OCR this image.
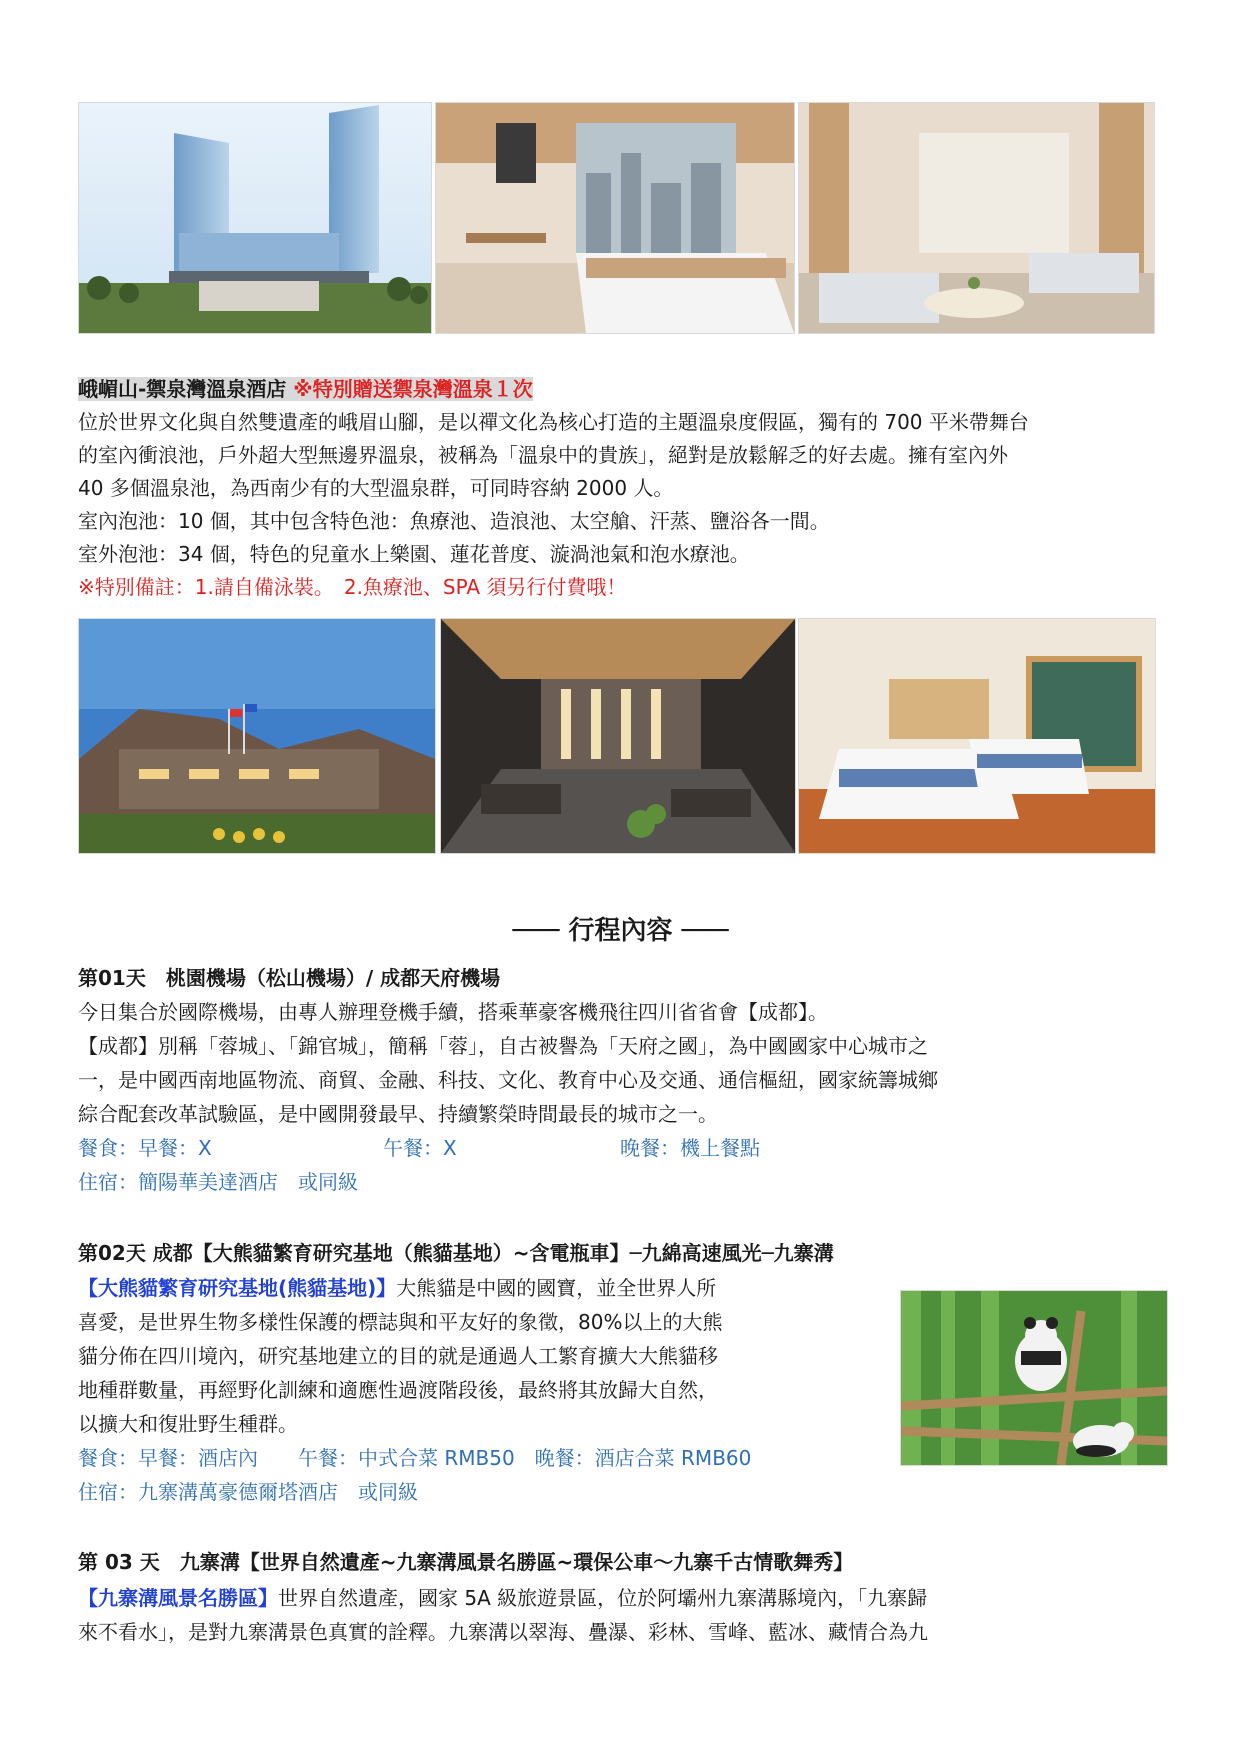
峨嵋山-禦泉灣溫泉酒店 ※特別贈送禦泉灣溫泉１次
位於世界文化與自然雙遺產的峨眉山腳，是以禪文化為核心打造的主題溫泉度假區，獨有的 700 平米帶舞台
的室內衝浪池，戶外超大型無邊界溫泉，被稱為「溫泉中的貴族」，絕對是放鬆解乏的好去處。擁有室內外
40 多個溫泉池，為西南少有的大型溫泉群，可同時容納 2000 人。
室內泡池：10 個，其中包含特色池：魚療池、造浪池、太空艙、汗蒸、鹽浴各一間。
室外泡池：34 個，特色的兒童水上樂園、蓮花普度、漩渦池氣和泡水療池。
※特別備註：1.請自備泳裝。　2.魚療池、SPA 須另行付費哦！
─── 行程內容 ───
第01天　桃園機場（松山機場）/ 成都天府機場
今日集合於國際機場，由專人辦理登機手續，搭乘華豪客機飛往四川省省會【成都】。
【成都】別稱「蓉城」、「錦官城」，簡稱「蓉」，自古被譽為「天府之國」，為中國國家中心城市之
一，是中國西南地區物流、商貿、金融、科技、文化、教育中心及交通、通信樞紐，國家統籌城鄉
綜合配套改革試驗區，是中國開發最早、持續繁榮時間最長的城市之一。
餐食：早餐：X	午餐：X	晚餐：機上餐點
住宿：簡陽華美達酒店　或同級
第02天 成都【大熊貓繁育研究基地（熊貓基地）~含電瓶車】─九綿高速風光─九寨溝
【大熊貓繁育研究基地(熊貓基地)】大熊貓是中國的國寶，並全世界人所
喜愛，是世界生物多樣性保護的標誌與和平友好的象徵，80%以上的大熊
貓分佈在四川境內，研究基地建立的目的就是通過人工繁育擴大大熊貓移
地種群數量，再經野化訓練和適應性過渡階段後，最終將其放歸大自然，
以擴大和復壯野生種群。
餐食：早餐：酒店內　　午餐：中式合菜 RMB50　晚餐：酒店合菜 RMB60
住宿：九寨溝萬豪德爾塔酒店　或同級
第 03 天　九寨溝【世界自然遺產~九寨溝風景名勝區~環保公車～九寨千古情歌舞秀】
【九寨溝風景名勝區】世界自然遺產，國家 5A 級旅遊景區，位於阿壩州九寨溝縣境內，「九寨歸
來不看水」，是對九寨溝景色真實的詮釋。九寨溝以翠海、疊瀑、彩林、雪峰、藍冰、藏情合為九
